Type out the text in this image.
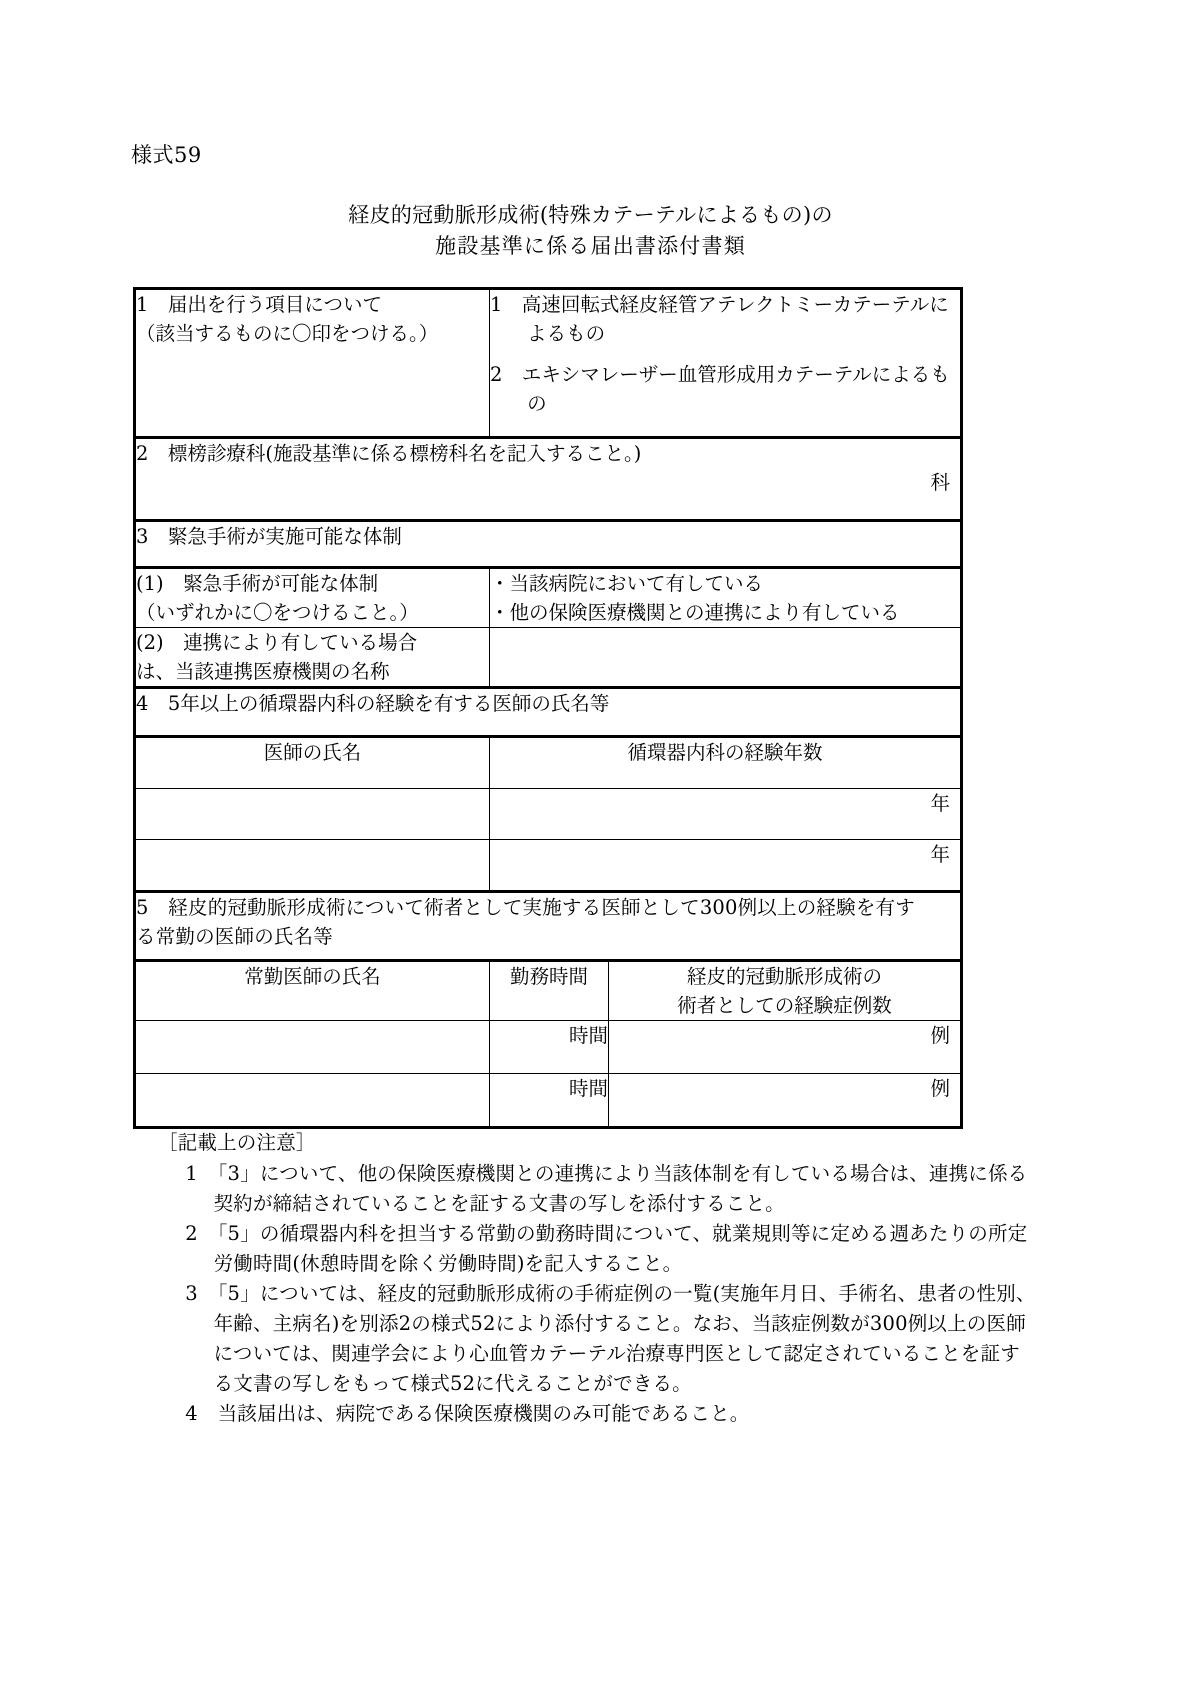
様式59
経皮的冠動脈形成術(特殊カテーテルによるもの)の
施設基準に係る届出書添付書類
1　届出を行う項目について
（該当するものに〇印をつける。）	1　高速回転式経皮経管アテレクトミーカテーテルによるもの
2　エキシマレーザー血管形成用カテーテルによるもの	

2　標榜診療科(施設基準に係る標榜科名を記入すること。)
科		

3　緊急手術が実施可能な体制		

(1)　緊急手術が可能な体制
（いずれかに〇をつけること。）	・当該病院において有している
・他の保険医療機関との連携により有している	

(2)　連携により有している場合
は、当該連携医療機関の名称		

4　5年以上の循環器内科の経験を有する医師の氏名等		

医師の氏名	循環器内科の経験年数	

	年	

	年	

5　経皮的冠動脈形成術について術者として実施する医師として300例以上の経験を有す
る常勤の医師の氏名等		

常勤医師の氏名	勤務時間	経皮的冠動脈形成術の
術者としての経験症例数

	時間	例

	時間	例
［記載上の注意］
1　「3」について、他の保険医療機関との連携により当該体制を有している場合は、連携に係る契約が締結されていることを証する文書の写しを添付すること。
2　「5」の循環器内科を担当する常勤の勤務時間について、就業規則等に定める週あたりの所定労働時間(休憩時間を除く労働時間)を記入すること。
3　「5」については、経皮的冠動脈形成術の手術症例の一覧(実施年月日、手術名、患者の性別、年齢、主病名)を別添2の様式52により添付すること。なお、当該症例数が300例以上の医師については、関連学会により心血管カテーテル治療専門医として認定されていることを証する文書の写しをもって様式52に代えることができる。
4　当該届出は、病院である保険医療機関のみ可能であること。
